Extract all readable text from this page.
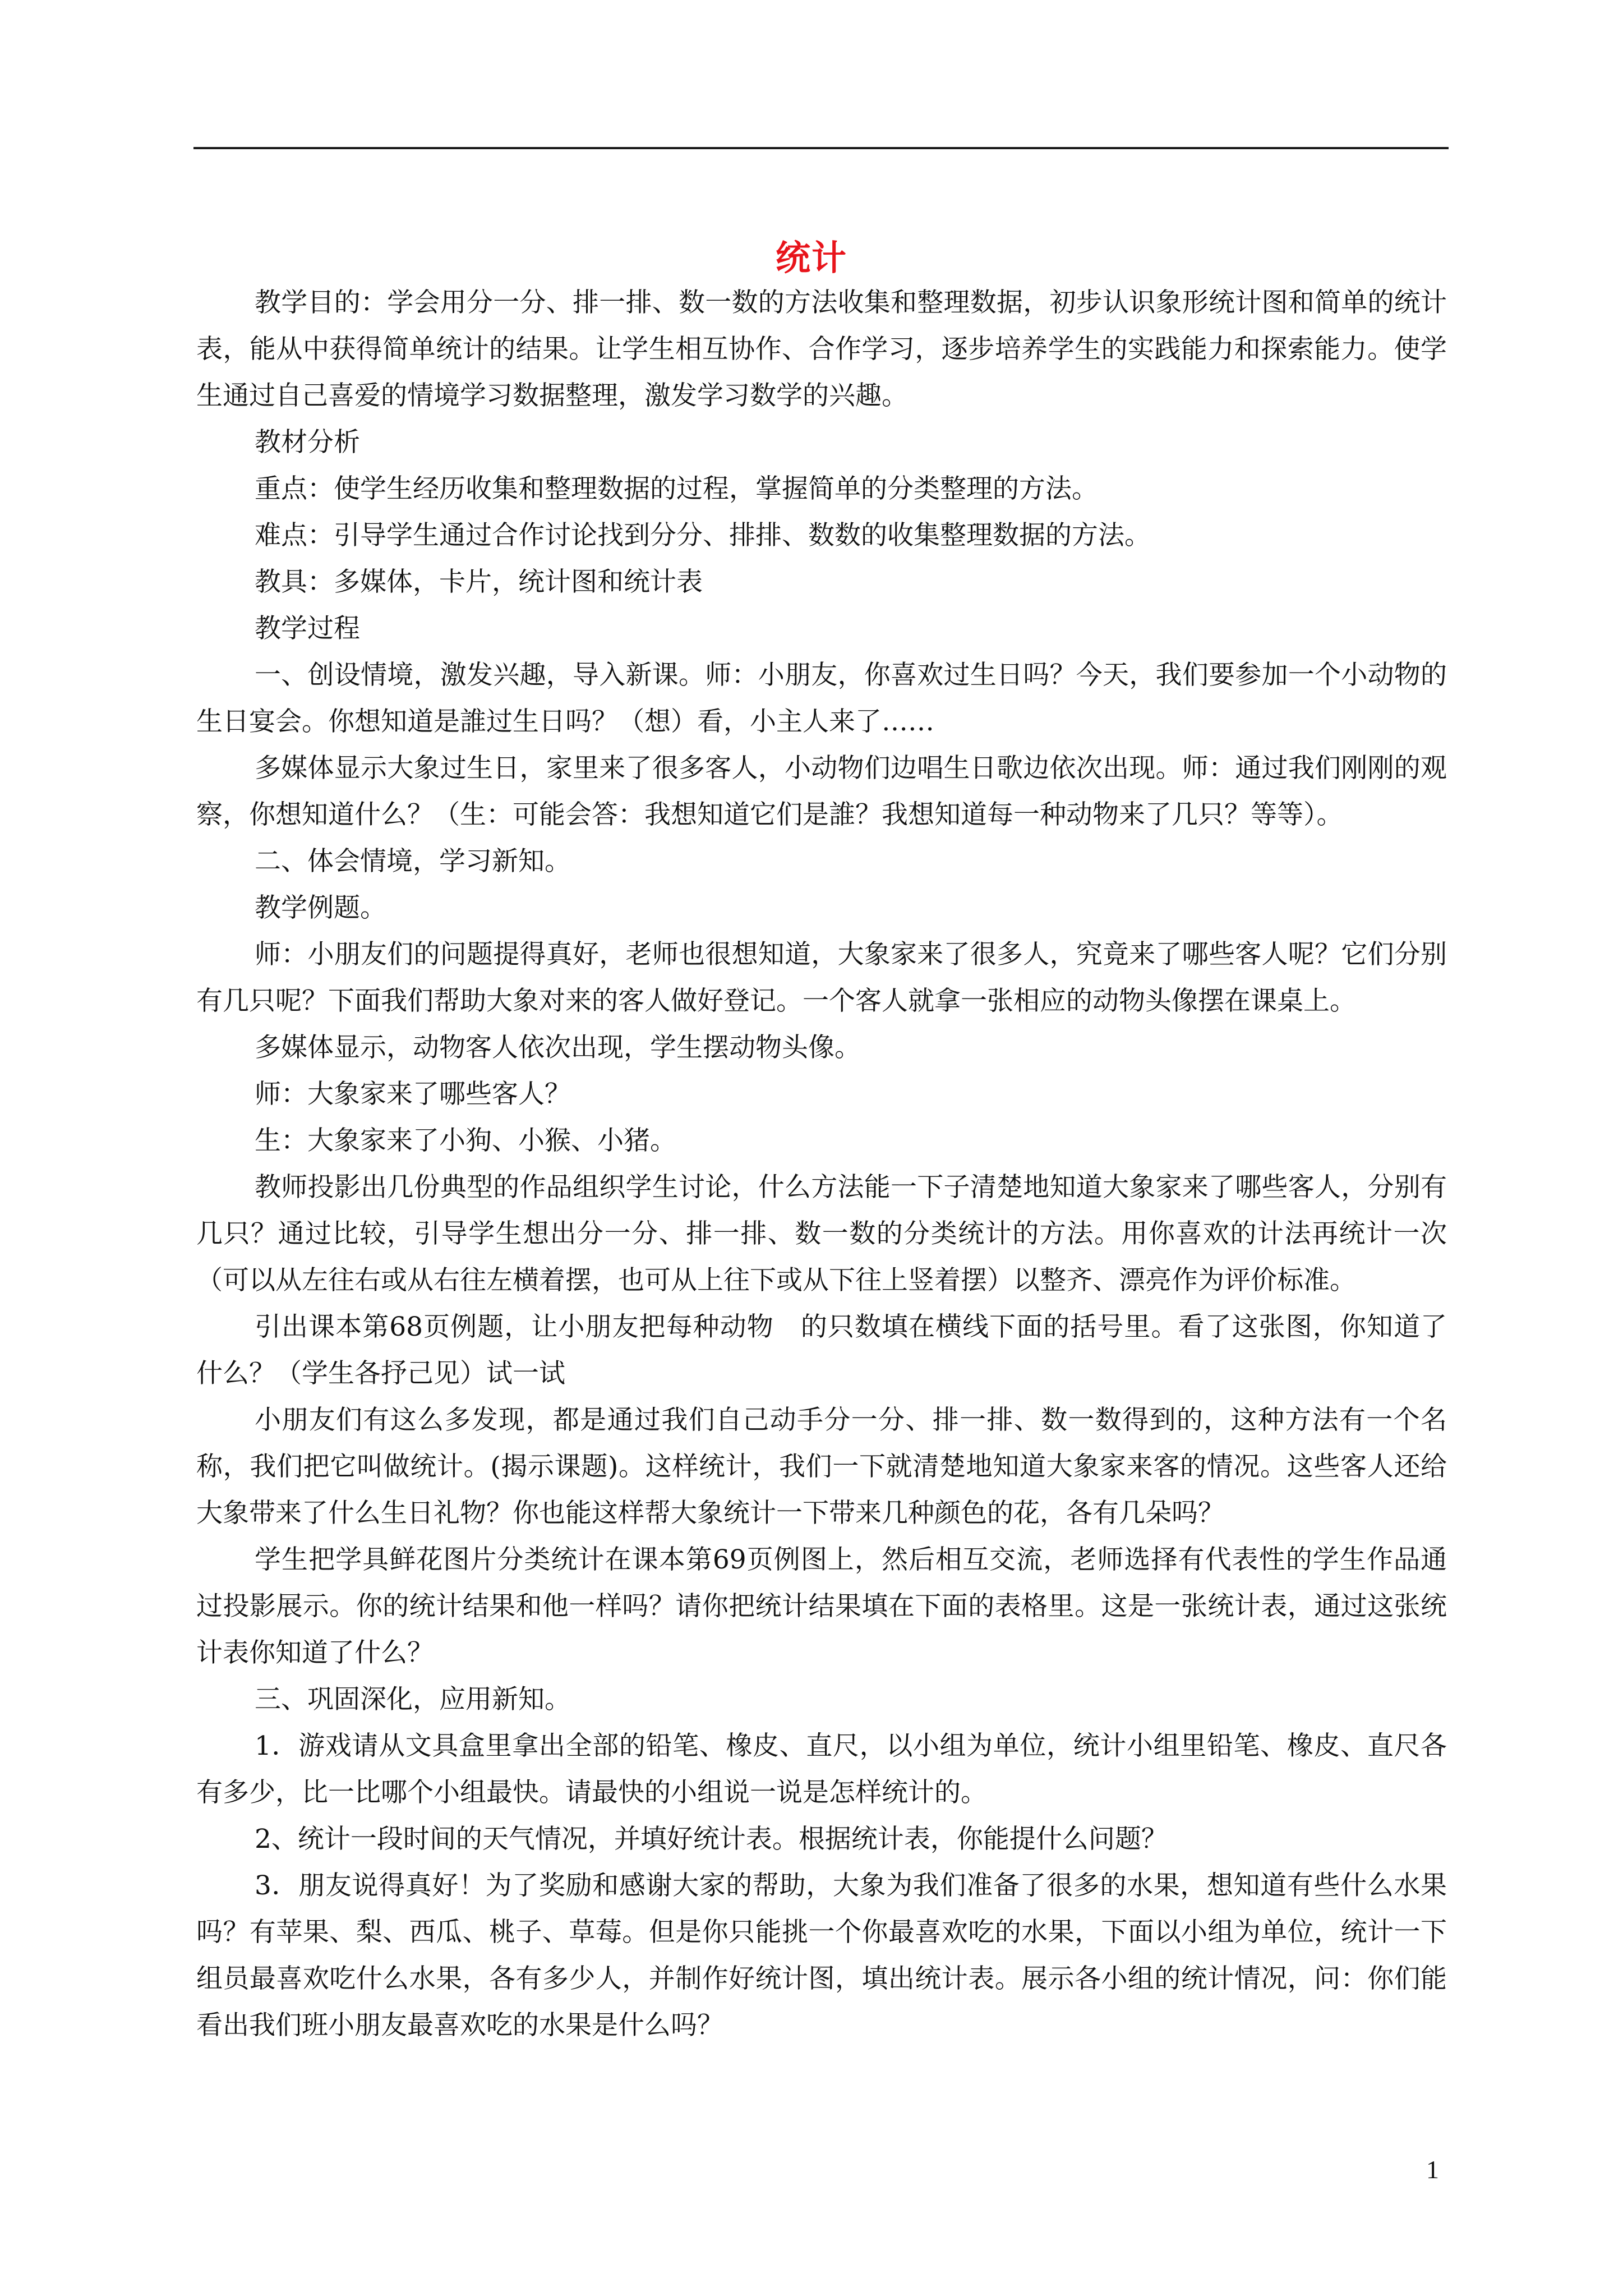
统计

教学目的：学会用分一分、排一排、数一数的方法收集和整理数据，初步认识象形统计图和简单的统计表，能从中获得简单统计的结果。让学生相互协作、合作学习，逐步培养学生的实践能力和探索能力。使学生通过自己喜爱的情境学习数据整理，激发学习数学的兴趣。

教材分析

重点：使学生经历收集和整理数据的过程，掌握简单的分类整理的方法。

难点：引导学生通过合作讨论找到分分、排排、数数的收集整理数据的方法。

教具：多媒体，卡片，统计图和统计表

教学过程

一、创设情境，激发兴趣，导入新课。师：小朋友，你喜欢过生日吗？今天，我们要参加一个小动物的生日宴会。你想知道是誰过生日吗？（想）看，小主人来了……

多媒体显示大象过生日，家里来了很多客人，小动物们边唱生日歌边依次出现。师：通过我们刚刚的观察，你想知道什么？（生：可能会答：我想知道它们是誰？我想知道每一种动物来了几只？等等）。

二、体会情境，学习新知。

教学例题。

师：小朋友们的问题提得真好，老师也很想知道，大象家来了很多人，究竟来了哪些客人呢？它们分别有几只呢？下面我们帮助大象对来的客人做好登记。一个客人就拿一张相应的动物头像摆在课桌上。

多媒体显示，动物客人依次出现，学生摆动物头像。

师：大象家来了哪些客人？

生：大象家来了小狗、小猴、小猪。

教师投影出几份典型的作品组织学生讨论，什么方法能一下子清楚地知道大象家来了哪些客人，分别有几只？通过比较，引导学生想出分一分、排一排、数一数的分类统计的方法。用你喜欢的计法再统计一次（可以从左往右或从右往左横着摆，也可从上往下或从下往上竖着摆）以整齐、漂亮作为评价标准。

引出课本第68页例题，让小朋友把每种动物　的只数填在横线下面的括号里。看了这张图，你知道了什么？（学生各抒己见）试一试

小朋友们有这么多发现，都是通过我们自己动手分一分、排一排、数一数得到的，这种方法有一个名称，我们把它叫做统计。(揭示课题)。这样统计，我们一下就清楚地知道大象家来客的情况。这些客人还给大象带来了什么生日礼物？你也能这样帮大象统计一下带来几种颜色的花，各有几朵吗？

学生把学具鲜花图片分类统计在课本第69页例图上，然后相互交流，老师选择有代表性的学生作品通过投影展示。你的统计结果和他一样吗？请你把统计结果填在下面的表格里。这是一张统计表，通过这张统计表你知道了什么？

三、巩固深化，应用新知。

1．游戏请从文具盒里拿出全部的铅笔、橡皮、直尺，以小组为单位，统计小组里铅笔、橡皮、直尺各有多少，比一比哪个小组最快。请最快的小组说一说是怎样统计的。

2、统计一段时间的天气情况，并填好统计表。根据统计表，你能提什么问题？

3．朋友说得真好！为了奖励和感谢大家的帮助，大象为我们准备了很多的水果，想知道有些什么水果吗？有苹果、梨、西瓜、桃子、草莓。但是你只能挑一个你最喜欢吃的水果，下面以小组为单位，统计一下组员最喜欢吃什么水果，各有多少人，并制作好统计图，填出统计表。展示各小组的统计情况，问：你们能看出我们班小朋友最喜欢吃的水果是什么吗？

1
